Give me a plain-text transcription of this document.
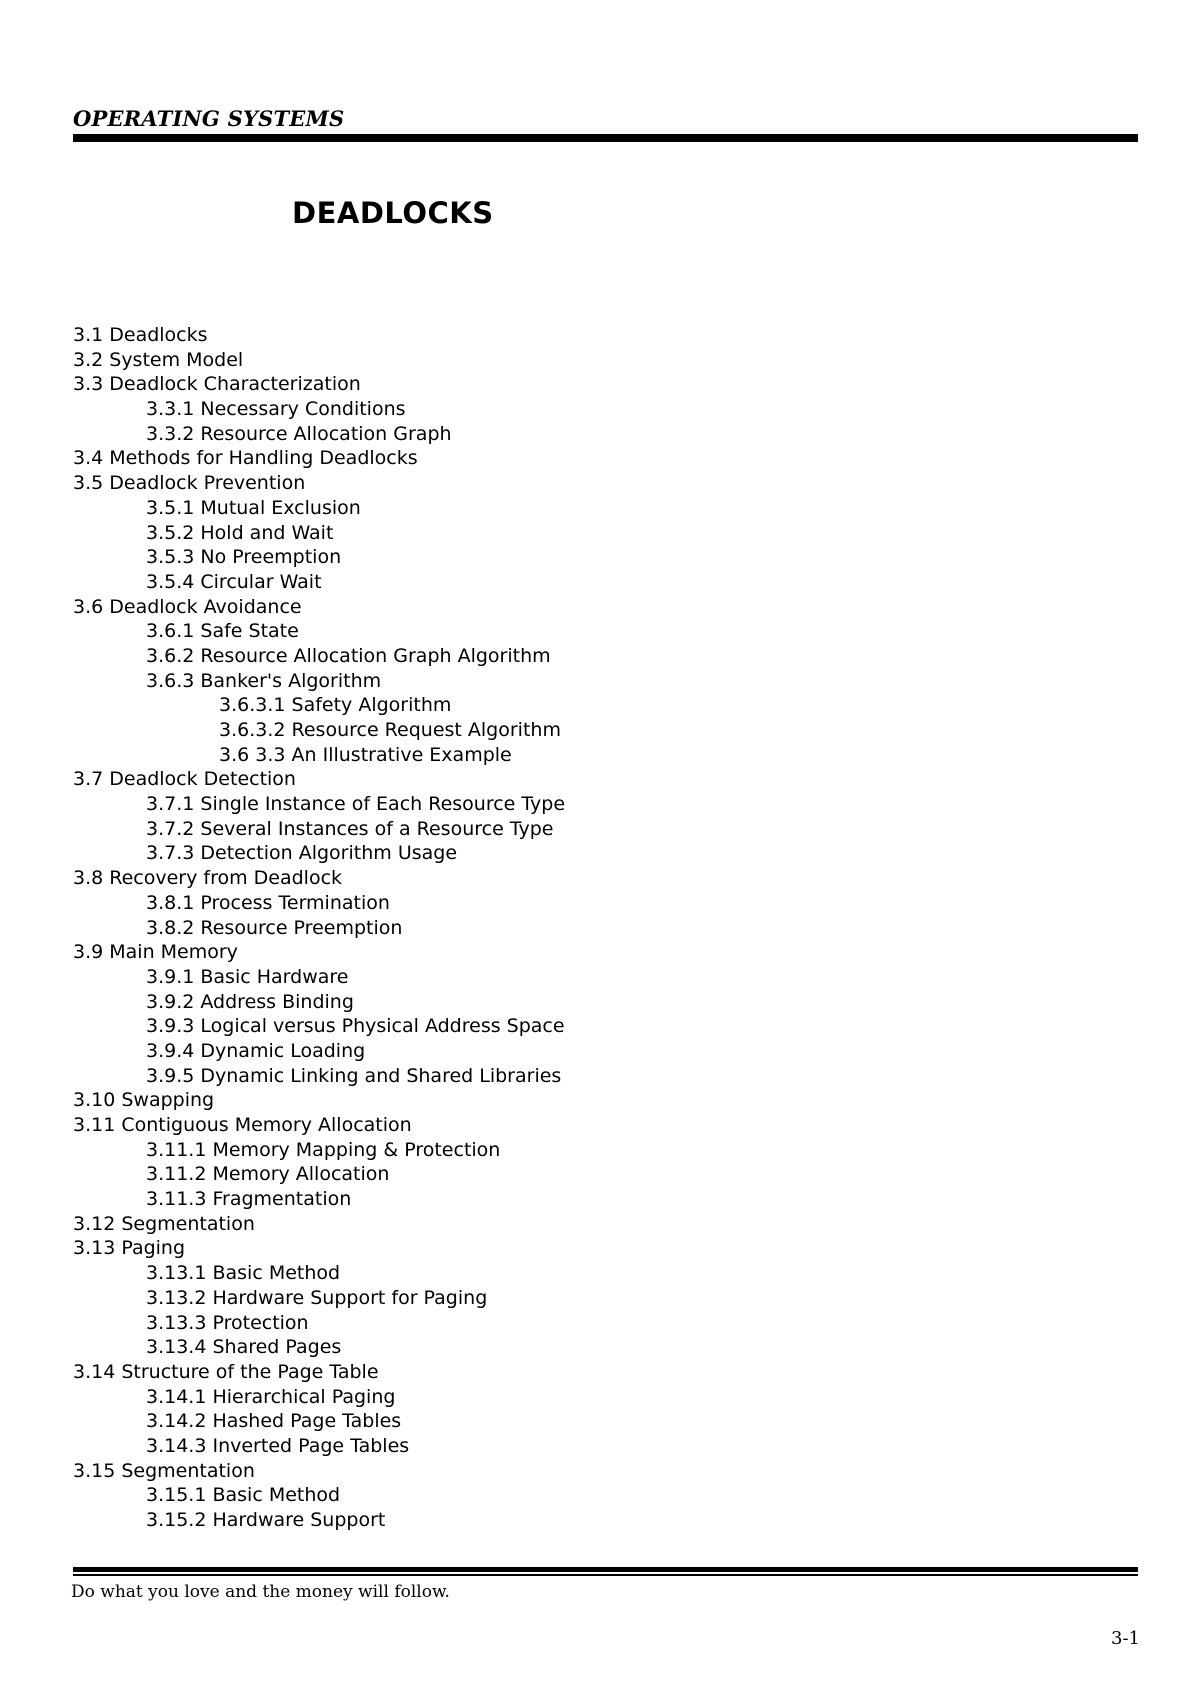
OPERATING SYSTEMS
DEADLOCKS
3.1 Deadlocks
3.2 System Model
3.3 Deadlock Characterization
3.3.1 Necessary Conditions
3.3.2 Resource Allocation Graph
3.4 Methods for Handling Deadlocks
3.5 Deadlock Prevention
3.5.1 Mutual Exclusion
3.5.2 Hold and Wait
3.5.3 No Preemption
3.5.4 Circular Wait
3.6 Deadlock Avoidance
3.6.1 Safe State
3.6.2 Resource Allocation Graph Algorithm
3.6.3 Banker's Algorithm
3.6.3.1 Safety Algorithm
3.6.3.2 Resource Request Algorithm
3.6 3.3 An Illustrative Example
3.7 Deadlock Detection
3.7.1 Single Instance of Each Resource Type
3.7.2 Several Instances of a Resource Type
3.7.3 Detection Algorithm Usage
3.8 Recovery from Deadlock
3.8.1 Process Termination
3.8.2 Resource Preemption
3.9 Main Memory
3.9.1 Basic Hardware
3.9.2 Address Binding
3.9.3 Logical versus Physical Address Space
3.9.4 Dynamic Loading
3.9.5 Dynamic Linking and Shared Libraries
3.10 Swapping
3.11 Contiguous Memory Allocation
3.11.1 Memory Mapping & Protection
3.11.2 Memory Allocation
3.11.3 Fragmentation
3.12 Segmentation
3.13 Paging
3.13.1 Basic Method
3.13.2 Hardware Support for Paging
3.13.3 Protection
3.13.4 Shared Pages
3.14 Structure of the Page Table
3.14.1 Hierarchical Paging
3.14.2 Hashed Page Tables
3.14.3 Inverted Page Tables
3.15 Segmentation
3.15.1 Basic Method
3.15.2 Hardware Support
Do what you love and the money will follow.
3-1
